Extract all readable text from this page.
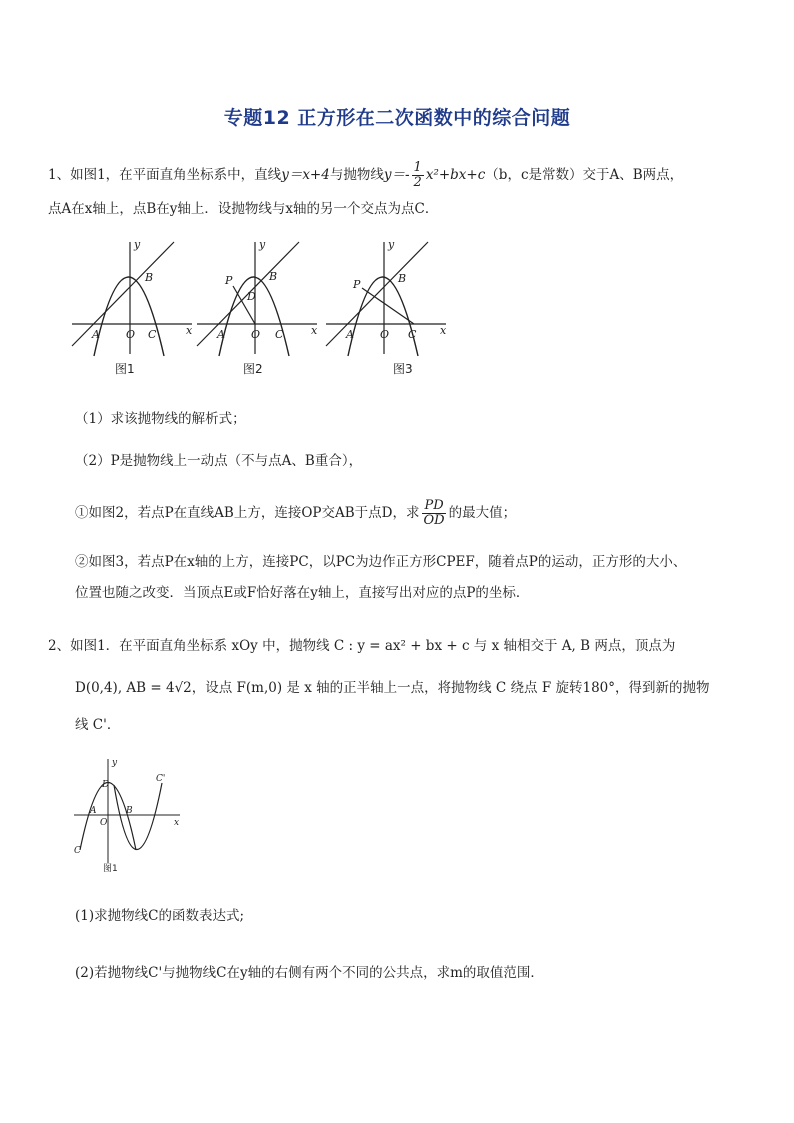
专题12 正方形在二次函数中的综合问题
1、如图1，在平面直角坐标系中，直线y＝x+4与抛物线$y=- \frac{1}{2} x^2+bx+c(b$，c是常数）交于A、B两点，
点A在x轴上，点B在y轴上．设抛物线与x轴的另一个交点为点C．
y
x
B
A O C
图1
y
x
B
P
D
A O C
图2
y
x
B
P
A O C
图3
（1）求该抛物线的解析式；
（2）P是抛物线上一动点（不与点A、B重合），
①如图2，若点P在直线AB上方，连接OP交AB于点D，求 $\frac{PD}{OD}$ 的最大值；
②如图3，若点P在x轴的上方，连接PC，以PC为边作正方形CPEF，随着点P的运动，正方形的大小、
位置也随之改变．当顶点E或F恰好落在y轴上，直接写出对应的点P的坐标．
2、如图1．在平面直角坐标系 xOy 中，抛物线 C : y = ax² + bx + c 与 x 轴相交于 A, B 两点，顶点为
D(0,4), AB = 4√2，设点 F(m,0) 是 x 轴的正半轴上一点，将抛物线 C 绕点 F 旋转180°，得到新的抛物
线 C'．
y
x
D
A
O
B
C'
C
图1
(1)求抛物线C的函数表达式;
(2)若抛物线C'与抛物线C在y轴的右侧有两个不同的公共点，求m的取值范围．
